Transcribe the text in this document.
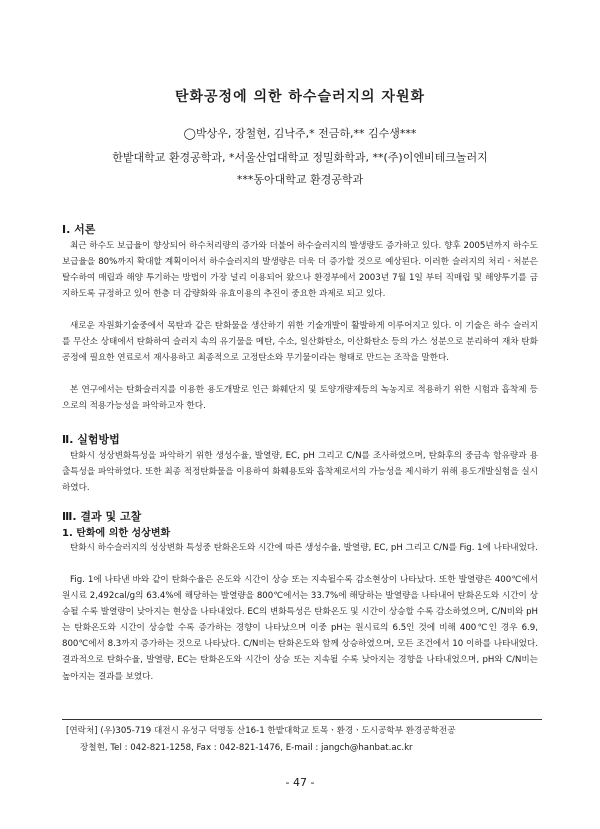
탄화공정에 의한 하수슬러지의 자원화
◯박상우, 장철현, 김낙주,* 전금하,** 김수생***
한밭대학교 환경공학과, *서울산업대학교 정밀화학과, **(주)이엔비테크놀러지
***동아대학교 환경공학과
Ⅰ. 서론

최근 하수도 보급율이 향상되어 하수처리량의 증가와 더불어 하수슬러지의 발생량도 증가하고 있다. 향후 2005년까지 하수도 보급율을 80%까지 확대할 계획이어서 하수슬러지의 발생량은 더욱 더 증가할 것으로 예상된다. 이러한 슬러지의 처리ㆍ처분은 탈수하여 매립과 해양 투기하는 방법이 가장 널리 이용되어 왔으나 환경부에서 2003년 7월 1일 부터 직매립 및 해양투기를 금지하도록 규정하고 있어 한층 더 감량화와 유효이용의 추진이 중요한 과제로 되고 있다.

새로운 자원화기술중에서 목탄과 같은 탄화물을 생산하기 위한 기술개발이 활발하게 이루어지고 있다. 이 기술은 하수 슬러지를 무산소 상태에서 탄화하여 슬러지 속의 유기물을 메탄, 수소, 일산화탄소, 이산화탄소 등의 가스 성분으로 분리하여 재차 탄화공정에 필요한 연료로서 재사용하고 최종적으로 고정탄소와 무기물이라는 형태로 만드는 조작을 말한다.

본 연구에서는 탄화슬러지를 이용한 용도개발로 인근 화훼단지 및 토양개량제등의 녹농지로 적용하기 위한 시험과 흡착제 등으로의 적용가능성을 파악하고자 한다.

Ⅱ. 실험방법

탄화시 성상변화특성을 파악하기 위한 생성수율, 발열량, EC, pH 그리고 C/N를 조사하였으며, 탄화후의 중금속 함유량과 용출특성을 파악하였다. 또한 최종 적정탄화물을 이용하여 화훼용토와 흡착제로서의 가능성을 제시하기 위해 용도개발실험을 실시하였다.

Ⅲ. 결과 및 고찰
1. 탄화에 의한 성상변화

탄화시 하수슬러지의 성상변화 특성중 탄화온도와 시간에 따른 생성수율, 발열량, EC, pH 그리고 C/N를 Fig. 1에 나타내었다.

Fig. 1에 나타낸 바와 같이 탄화수율은 온도와 시간이 상승 또는 지속될수록 감소현상이 나타났다. 또한 발열량은 400℃에서 원시료 2,492cal/g의 63.4%에 해당하는 발열량을 800℃에서는 33.7%에 해당하는 발열량을 나타내어 탄화온도와 시간이 상승될 수록 발열량이 낮아지는 현상을 나타내었다. EC의 변화특성은 탄화온도 및 시간이 상승할 수록 감소하였으며, C/N비와 pH는 탄화온도와 시간이 상승할 수록 증가하는 경향이 나타났으며 이중 pH는 원시료의 6.5인 것에 비해 400℃인 경우 6.9, 800℃에서 8.3까지 증가하는 것으로 나타났다. C/N비는 탄화온도와 함께 상승하였으며, 모든 조건에서 10 이하를 나타내었다. 결과적으로 탄화수율, 발열량, EC는 탄화온도와 시간이 상승 또는 지속될 수록 낮아지는 경향을 나타내었으며, pH와 C/N비는 높아지는 결과를 보였다.

[연락처] (우)305-719 대전시 유성구 덕명동 산16-1 한밭대학교 토목ㆍ환경ㆍ도시공학부 환경공학전공
장철현, Tel : 042-821-1258, Fax : 042-821-1476, E-mail : jangch@hanbat.ac.kr
- 47 -
